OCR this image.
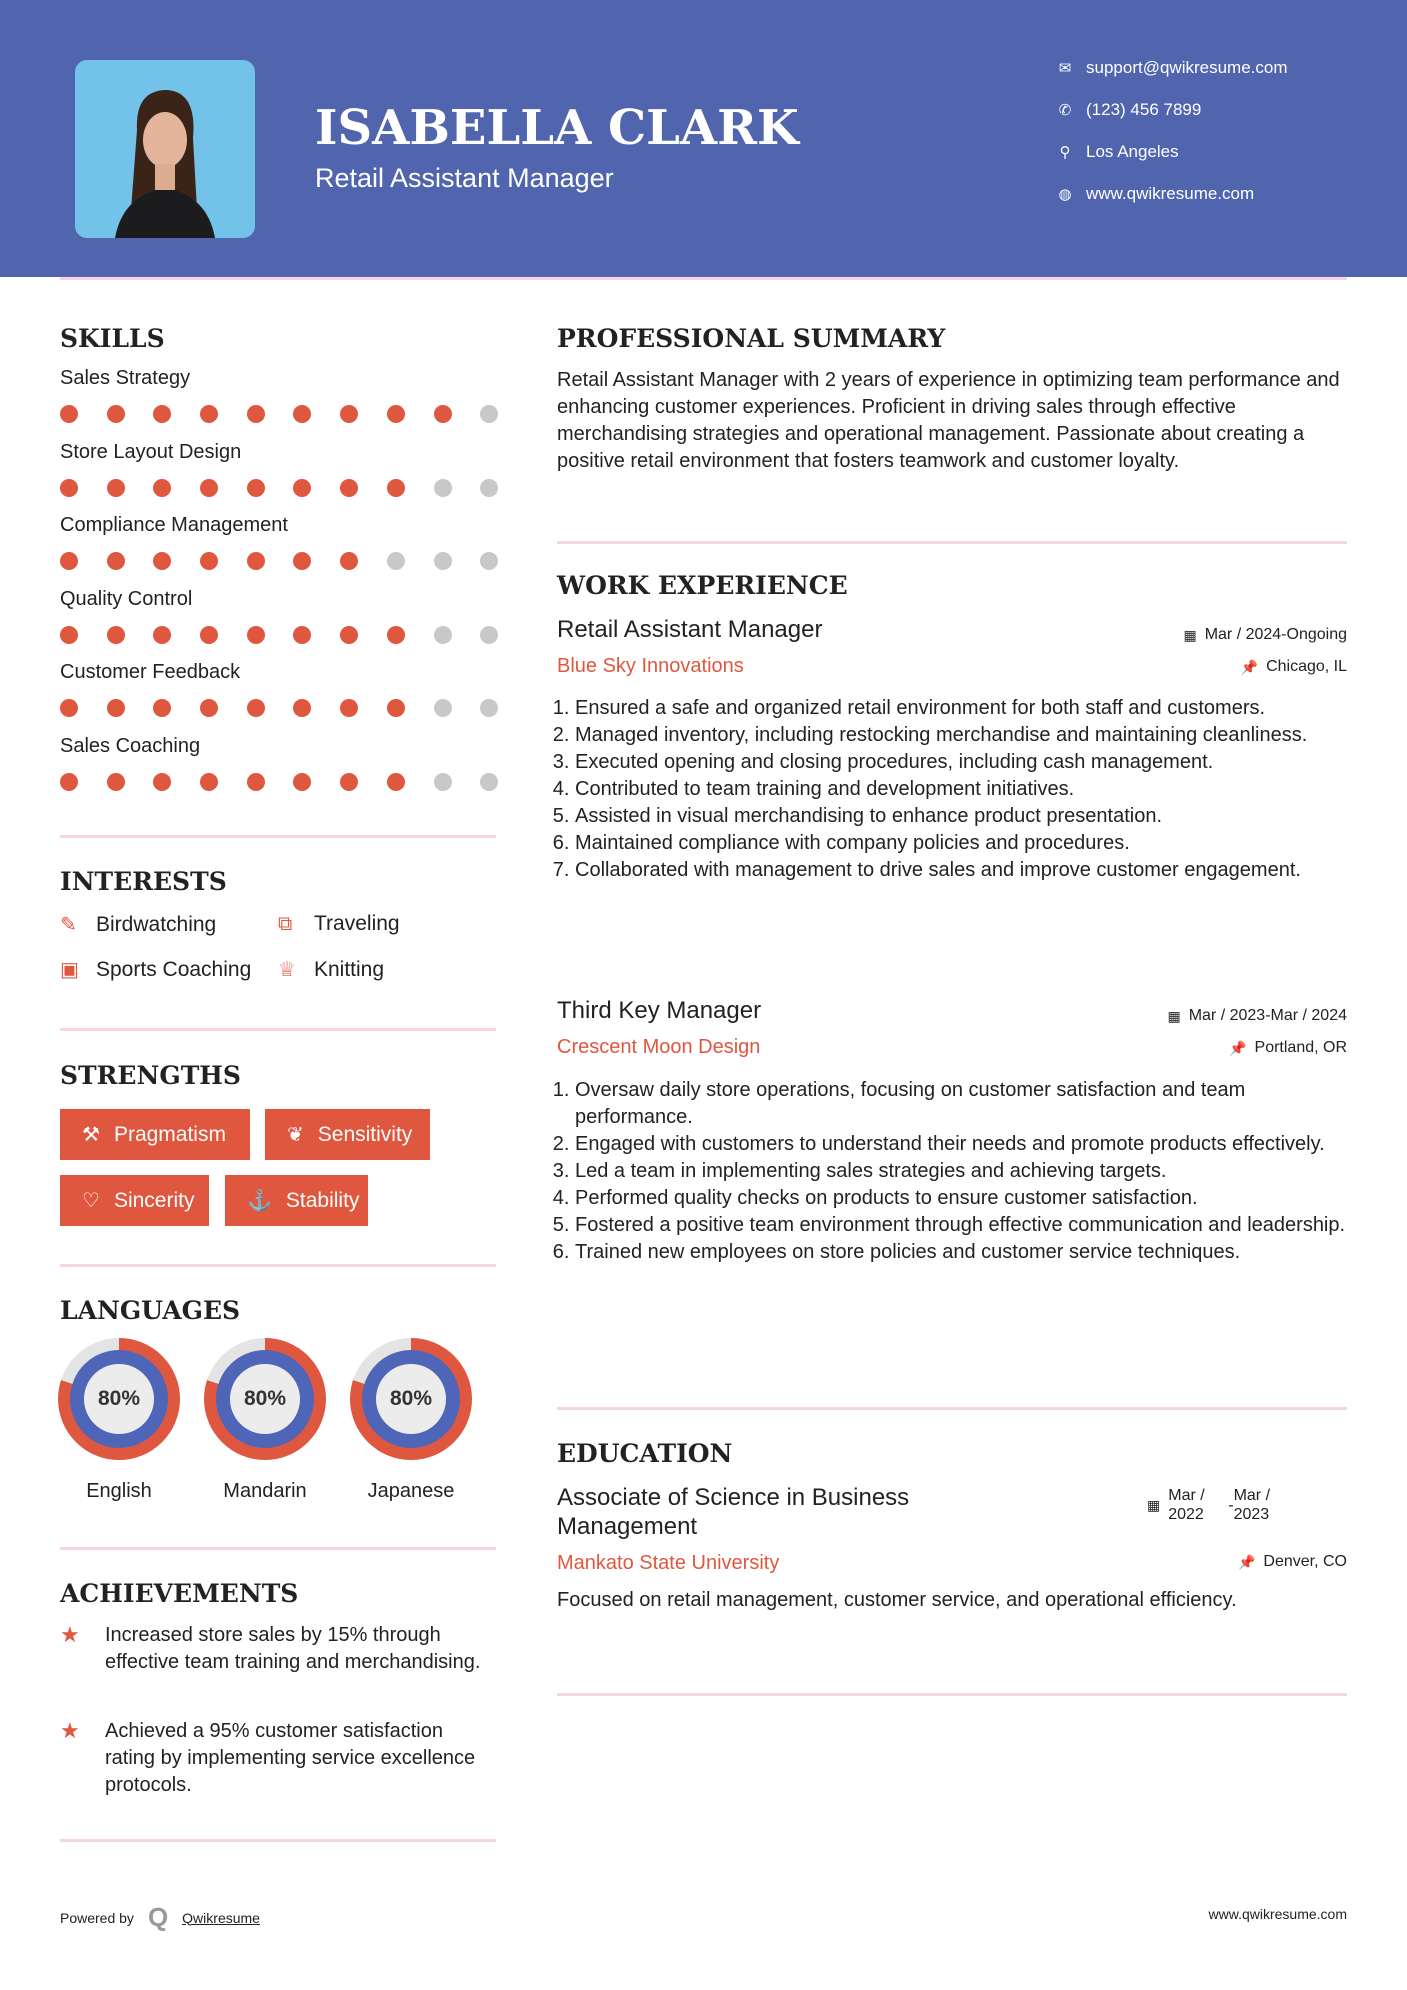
ISABELLA CLARK
Retail Assistant Manager
✉ support@qwikresume.com
✆ (123) 456 7899
⚲ Los Angeles
◍ www.qwikresume.com
SKILLS
Sales Strategy
Store Layout Design
Compliance Management
Quality Control
Customer Feedback
Sales Coaching
INTERESTS
✎ Birdwatching	⧉	Traveling
▣ Sports Coaching ♕ Knitting
STRENGTHS
⚒ Pragmatism	❦ Sensitivity
♡ Sincerity	⚓ Stability
LANGUAGES
80%
English
80%
Mandarin
80%
Japanese
ACHIEVEMENTS
★	Increased store sales by 15% through effective team training and merchandising.
★	Achieved a 95% customer satisfaction rating by implementing service excellence protocols.
PROFESSIONAL SUMMARY
Retail Assistant Manager with 2 years of experience in optimizing team performance and enhancing customer experiences. Proficient in driving sales through effective merchandising strategies and operational management. Passionate about creating a positive retail environment that fosters teamwork and customer loyalty.
WORK EXPERIENCE
Retail Assistant Manager	▦ Mar / 2024-Ongoing
Blue Sky Innovations	📌 Chicago, IL
1. Ensured a safe and organized retail environment for both staff and customers.
2. Managed inventory, including restocking merchandise and maintaining cleanliness.
3. Executed opening and closing procedures, including cash management.
4. Contributed to team training and development initiatives.
5. Assisted in visual merchandising to enhance product presentation.
6. Maintained compliance with company policies and procedures.
7. Collaborated with management to drive sales and improve customer engagement.
Third Key Manager	▦ Mar / 2023-Mar / 2024
Crescent Moon Design	📌 Portland, OR
1. Oversaw daily store operations, focusing on customer satisfaction and team performance.
2. Engaged with customers to understand their needs and promote products effectively.
3. Led a team in implementing sales strategies and achieving targets.
4. Performed quality checks on products to ensure customer satisfaction.
5. Fostered a positive team environment through effective communication and leadership.
6. Trained new employees on store policies and customer service techniques.
EDUCATION
Associate of Science in Business Management
▦
Mar / 2022
-
Mar / 2023
Mankato State University	📌 Denver, CO
Focused on retail management, customer service, and operational efficiency.
Powered by Q Qwikresume	www.qwikresume.com
